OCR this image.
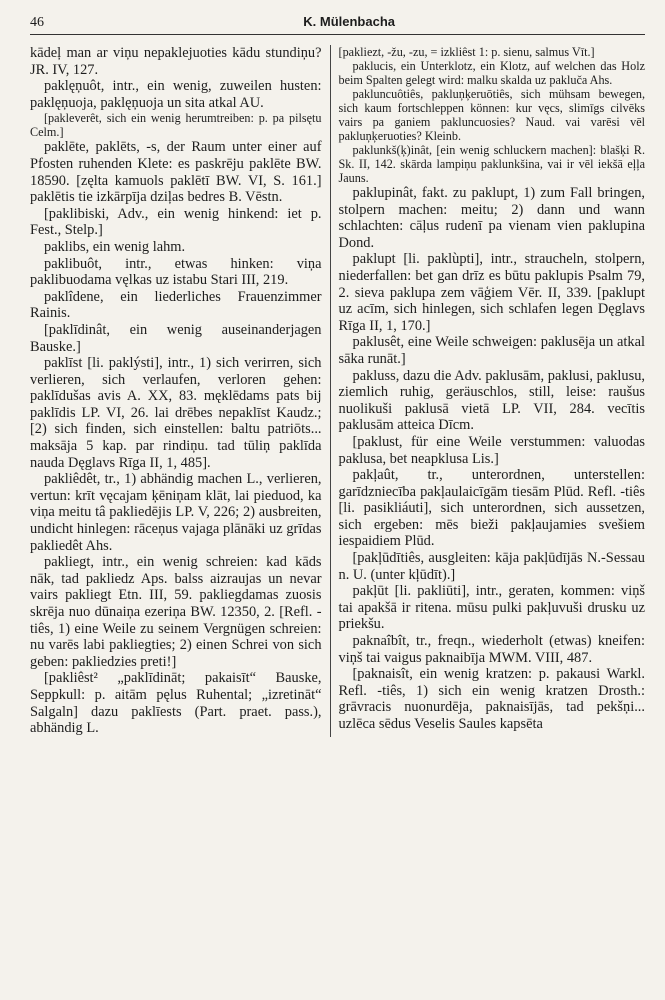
46	K. Mülenbacha

kādeļ man ar viņu nepaklejuoties kādu stundiņu? JR. IV, 127.

paklęņuôt, intr., ein wenig, zuweilen husten: paklęņuoja, paklęņuoja un sita atkal AU.

[pakleverêt, sich ein wenig herumtreiben: p. pa pilsętu Celm.]

paklēte, paklēts, -s, der Raum unter einer auf Pfosten ruhenden Klete: es paskrēju paklēte BW. 18590. [zęlta kamuols paklētī BW. VI, S. 161.] paklētis tie izkārpīja dziļas bedres B. Vēstn.

[paklibiski, Adv., ein wenig hinkend: iet p. Fest., Stelp.]

paklibs, ein wenig lahm.

paklibuôt, intr., etwas hinken: viņa paklibuodama vęlkas uz istabu Stari III, 219.

paklîdene, ein liederliches Frauenzimmer Rainis.

[paklīdinât, ein wenig auseinanderjagen Bauske.]

paklīst [li. paklýsti], intr., 1) sich verirren, sich verlieren, sich verlaufen, verloren gehen: paklīdušas avis A. XX, 83. męklēdams pats bij paklīdis LP. VI, 26. lai drēbes nepaklīst Kaudz.; [2) sich finden, sich einstellen: baltu patriōts... maksāja 5 kap. par rindiņu. tad tūliņ paklīda nauda Dęglavs Rīga II, 1, 485].

pakliêdêt, tr., 1) abhändig machen L., verlieren, vertun: krīt vęcajam ķēniņam klāt, lai pieduod, ka viņa meitu tâ pakliedējis LP. V, 226; 2) ausbreiten, undicht hinlegen: rāceņus vajaga plānāki uz grīdas pakliedêt Ahs.

pakliegt, intr., ein wenig schreien: kad kāds nāk, tad pakliedz Aps. balss aizraujas un nevar vairs pakliegt Etn. III, 59. pakliegdamas zuosis skrēja nuo dūnaiņa ezeriņa BW. 12350, 2. [Refl. -tiês, 1) eine Weile zu seinem Vergnügen schreien: nu varēs labi pakliegties; 2) einen Schrei von sich geben: pakliedzies preti!]

[pakliêst² „paklīdināt; pakaisīt“ Bauske, Seppkull: p. aitām pęlus Ruhental; „izretināt“ Salgaln] dazu paklīests (Part. praet. pass.), abhändig L.

[pakliezt, -žu, -zu, = izkliêst 1: p. sienu, salmus Vīt.]

paklucis, ein Unterklotz, ein Klotz, auf welchen das Holz beim Spalten gelegt wird: malku skalda uz pakluča Ahs.

pakluncuôtiês, pakluņķeruōtiês, sich mühsam bewegen, sich kaum fortschleppen können: kur vęcs, slimīgs cilvēks vairs pa ganiem pakluncuosies? Naud. vai varēsi vēl pakluņķeruoties? Kleinb.

paklunkš(ķ)inât, [ein wenig schluckern machen]: blašķi R. Sk. II, 142. skārda lampiņu paklunkšina, vai ir vēl iekšā eļļa Jauns.

paklupinât, fakt. zu paklupt, 1) zum Fall bringen, stolpern machen: meitu; 2) dann und wann schlachten: cāļus rudenī pa vienam vien paklupina Dond.

paklupt [li. paklùpti], intr., straucheln, stolpern, niederfallen: bet gan drīz es būtu paklupis Psalm 79, 2. sieva paklupa zem vāģiem Vēr. II, 339. [paklupt uz acīm, sich hinlegen, sich schlafen legen Dęglavs Rīga II, 1, 170.]

paklusêt, eine Weile schweigen: paklusēja un atkal sāka runāt.]

pakluss, dazu die Adv. paklusām, paklusi, paklusu, ziemlich ruhig, geräuschlos, still, leise: raušus nuolikuši paklusā vietā LP. VII, 284. vecītis paklusām atteica Dīcm.

[paklust, für eine Weile verstummen: valuodas paklusa, bet neapklusa Lis.]

pakļaût, tr., unterordnen, unterstellen: garīdzniecība pakļaulaicīgām tiesām Plūd. Refl. -tiês [li. pasikliáuti], sich unterordnen, sich aussetzen, sich ergeben: mēs bieži pakļaujamies svešiem iespaidiem Plūd.

[pakļūdītiês, ausgleiten: kāja pakļūdījās N.-Sessau n. U. (unter kļūdīt).]

pakļūt [li. pakliūti], intr., geraten, kommen: viņš tai apakšā ir ritena. mūsu pulki pakļuvuši drusku uz priekšu.

paknaîbît, tr., freqn., wiederholt (etwas) kneifen: viņš tai vaigus paknaibīja MWM. VIII, 487.

[paknaisît, ein wenig kratzen: p. pakausi Warkl. Refl. -tiês, 1) sich ein wenig kratzen Drosth.: grāvracis nuonurdēja, paknaisījās, tad pekšņi... uzlēca sēdus Veselis Saules kapsēta
